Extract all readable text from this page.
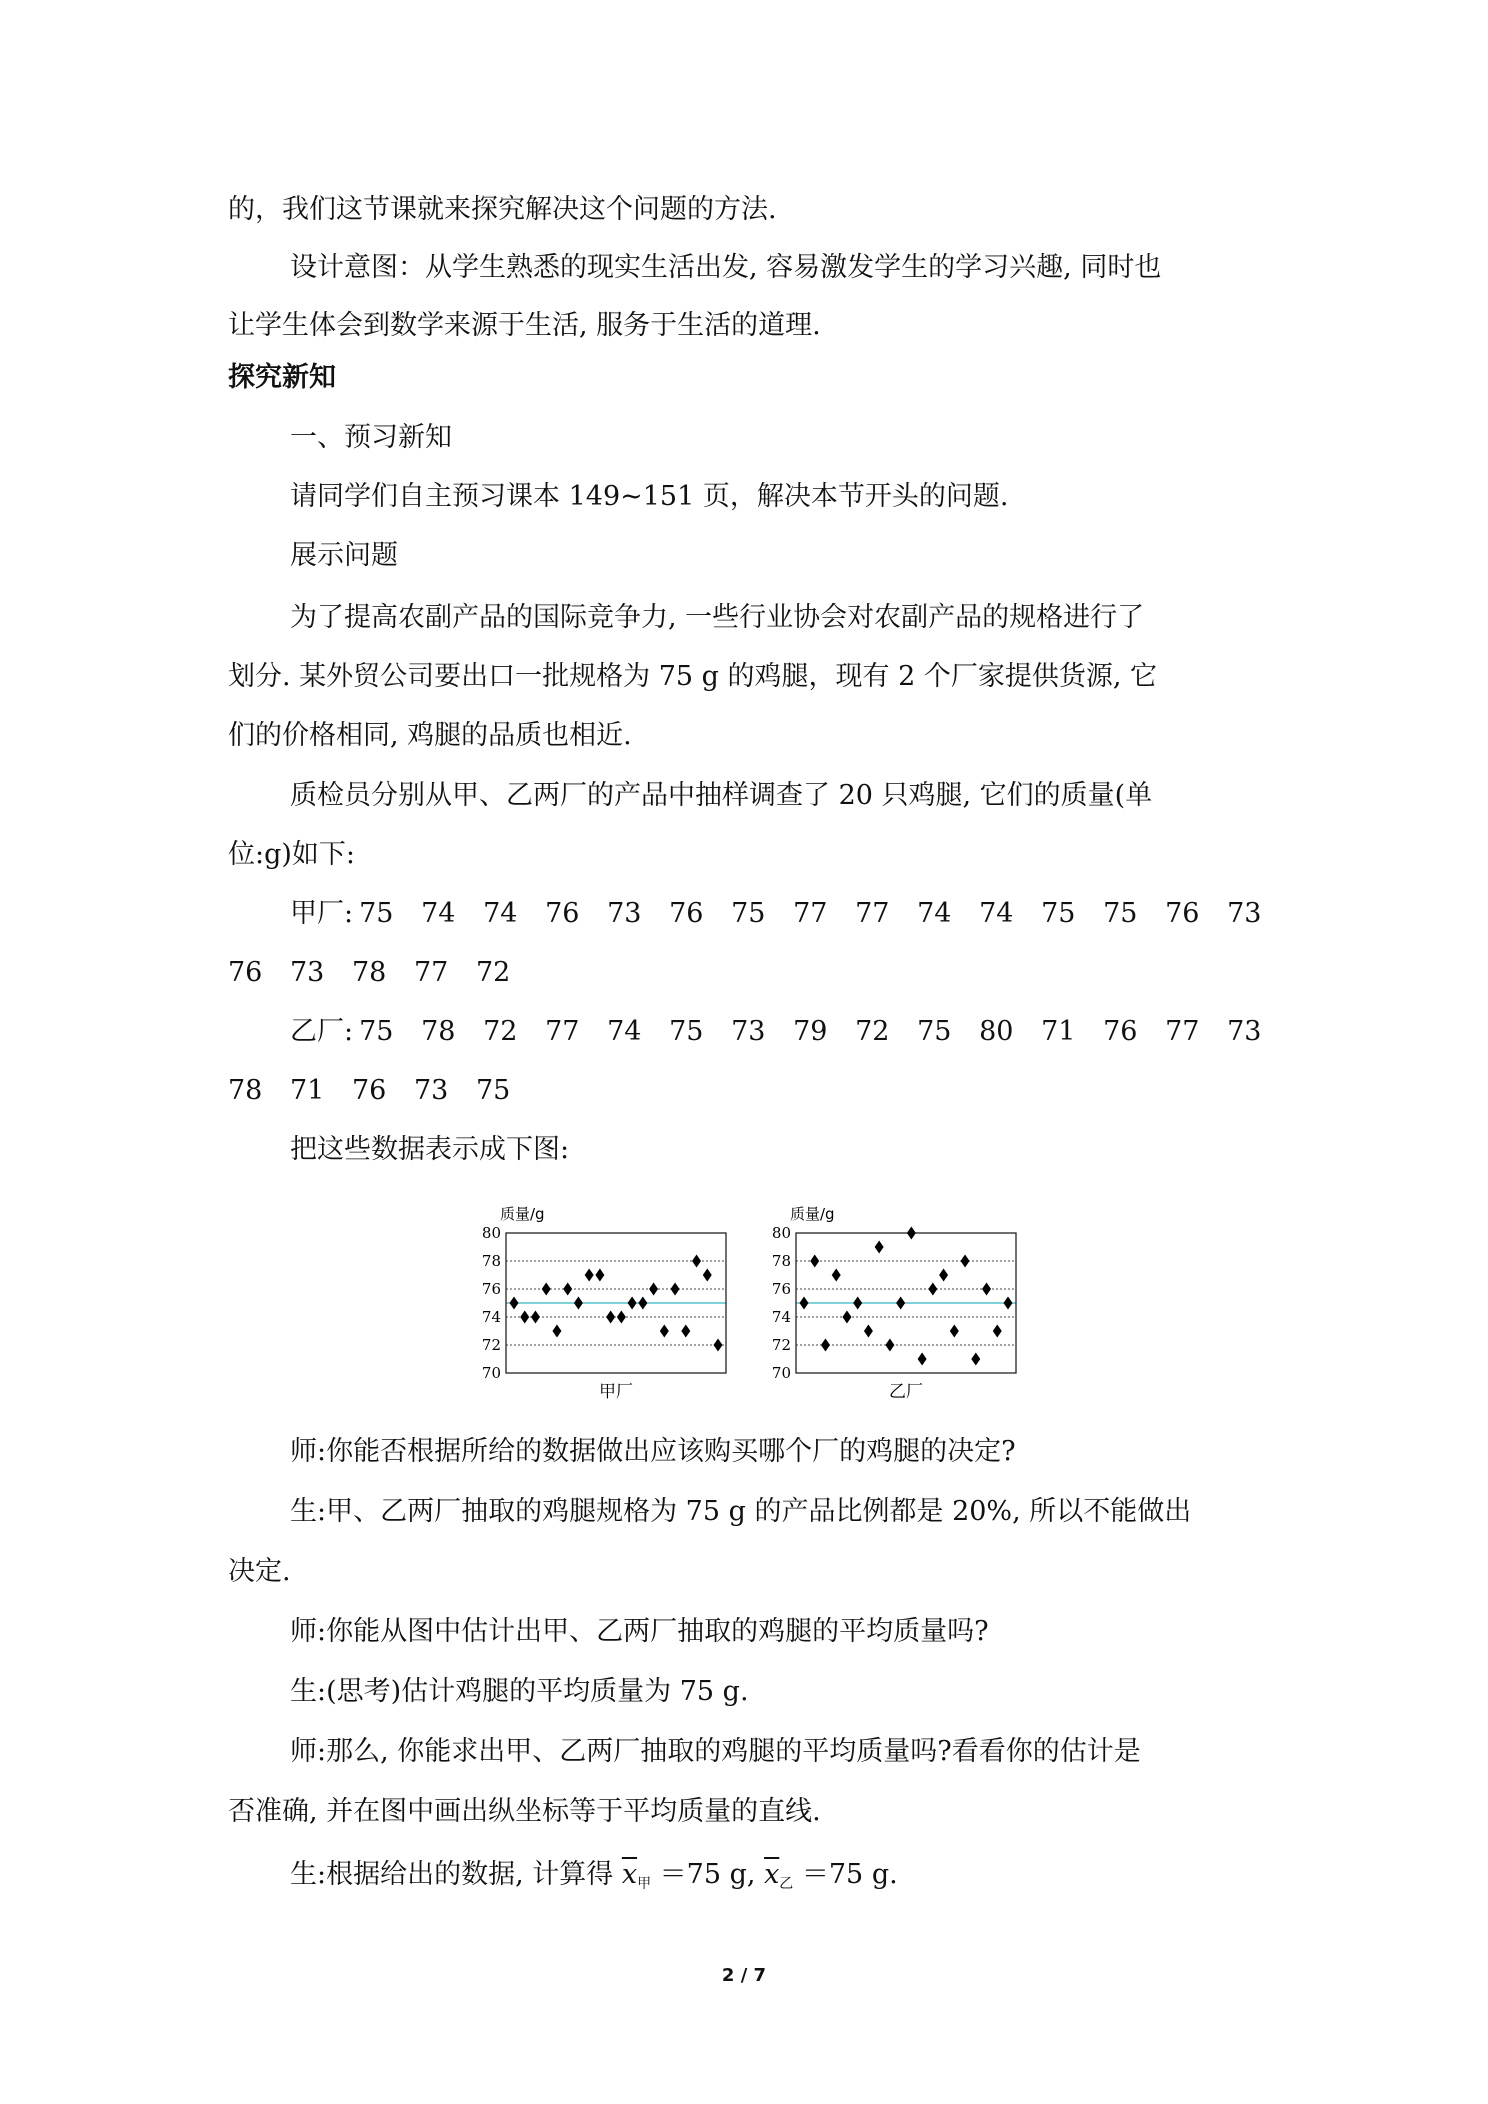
的，我们这节课就来探究解决这个问题的方法.
设计意图：从学生熟悉的现实生活出发, 容易激发学生的学习兴趣, 同时也
让学生体会到数学来源于生活, 服务于生活的道理.
探究新知
一、预习新知
请同学们自主预习课本 149~151 页，解决本节开头的问题.
展示问题
为了提高农副产品的国际竞争力, 一些行业协会对农副产品的规格进行了
划分. 某外贸公司要出口一批规格为 75 g 的鸡腿，现有 2 个厂家提供货源, 它
们的价格相同, 鸡腿的品质也相近.
质检员分别从甲、乙两厂的产品中抽样调查了 20 只鸡腿, 它们的质量(单
位:g)如下:
甲厂: 75 74 74 76 73 76 75 77 77 74 74 75 75 76 73
76 73 78 77 72
乙厂: 75 78 72 77 74 75 73 79 72 75 80 71 76 77 73
78 71 76 73 75
把这些数据表示成下图:
质量/g
70
72
74
76
78
80
甲厂
质量/g
70
72
74
76
78
80
乙厂
师:你能否根据所给的数据做出应该购买哪个厂的鸡腿的决定?
生:甲、乙两厂抽取的鸡腿规格为 75 g 的产品比例都是 20%, 所以不能做出
决定.
师:你能从图中估计出甲、乙两厂抽取的鸡腿的平均质量吗?
生:(思考)估计鸡腿的平均质量为 75 g.
师:那么, 你能求出甲、乙两厂抽取的鸡腿的平均质量吗?看看你的估计是
否准确, 并在图中画出纵坐标等于平均质量的直线.
生:根据给出的数据, 计算得 $\overline{x}_甲 =75$ g, $\overline{x}_乙 =75$ g.
2 / 7
